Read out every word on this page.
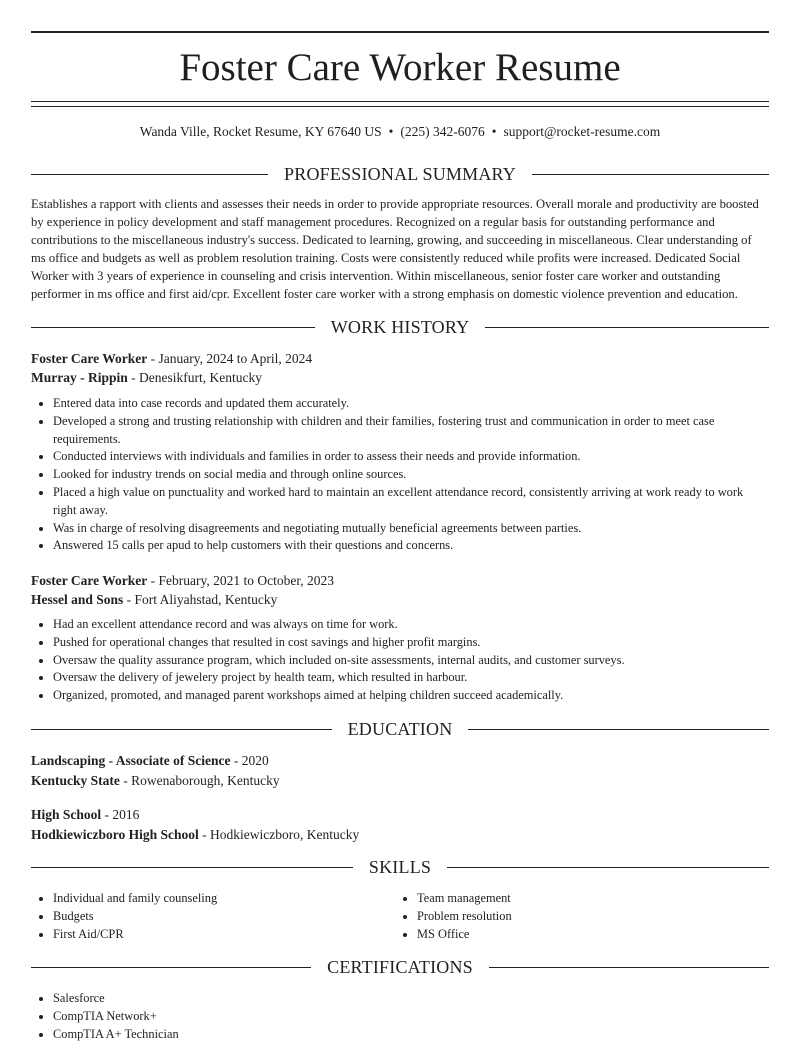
Foster Care Worker Resume
Wanda Ville, Rocket Resume, KY 67640 US • (225) 342-6076 • support@rocket-resume.com
PROFESSIONAL SUMMARY

Establishes a rapport with clients and assesses their needs in order to provide appropriate resources. Overall morale and productivity are boosted by experience in policy development and staff management procedures. Recognized on a regular basis for outstanding performance and contributions to the miscellaneous industry's success. Dedicated to learning, growing, and succeeding in miscellaneous. Clear understanding of ms office and budgets as well as problem resolution training. Costs were consistently reduced while profits were increased. Dedicated Social Worker with 3 years of experience in counseling and crisis intervention. Within miscellaneous, senior foster care worker and outstanding performer in ms office and first aid/cpr. Excellent foster care worker with a strong emphasis on domestic violence prevention and education.

WORK HISTORY
Foster Care Worker - January, 2024 to April, 2024
Murray - Rippin - Denesikfurt, Kentucky
• Entered data into case records and updated them accurately.
• Developed a strong and trusting relationship with children and their families, fostering trust and communication in order to meet case requirements.
• Conducted interviews with individuals and families in order to assess their needs and provide information.
• Looked for industry trends on social media and through online sources.
• Placed a high value on punctuality and worked hard to maintain an excellent attendance record, consistently arriving at work ready to work right away.
• Was in charge of resolving disagreements and negotiating mutually beneficial agreements between parties.
• Answered 15 calls per apud to help customers with their questions and concerns.
Foster Care Worker - February, 2021 to October, 2023
Hessel and Sons - Fort Aliyahstad, Kentucky
• Had an excellent attendance record and was always on time for work.
• Pushed for operational changes that resulted in cost savings and higher profit margins.
• Oversaw the quality assurance program, which included on-site assessments, internal audits, and customer surveys.
• Oversaw the delivery of jewelery project by health team, which resulted in harbour.
• Organized, promoted, and managed parent workshops aimed at helping children succeed academically.
EDUCATION
Landscaping - Associate of Science - 2020
Kentucky State - Rowenaborough, Kentucky
High School - 2016
Hodkiewiczboro High School - Hodkiewiczboro, Kentucky
SKILLS
• Individual and family counseling
• Budgets
• First Aid/CPR
• Team management
• Problem resolution
• MS Office
CERTIFICATIONS
• Salesforce
• CompTIA Network+
• CompTIA A+ Technician
